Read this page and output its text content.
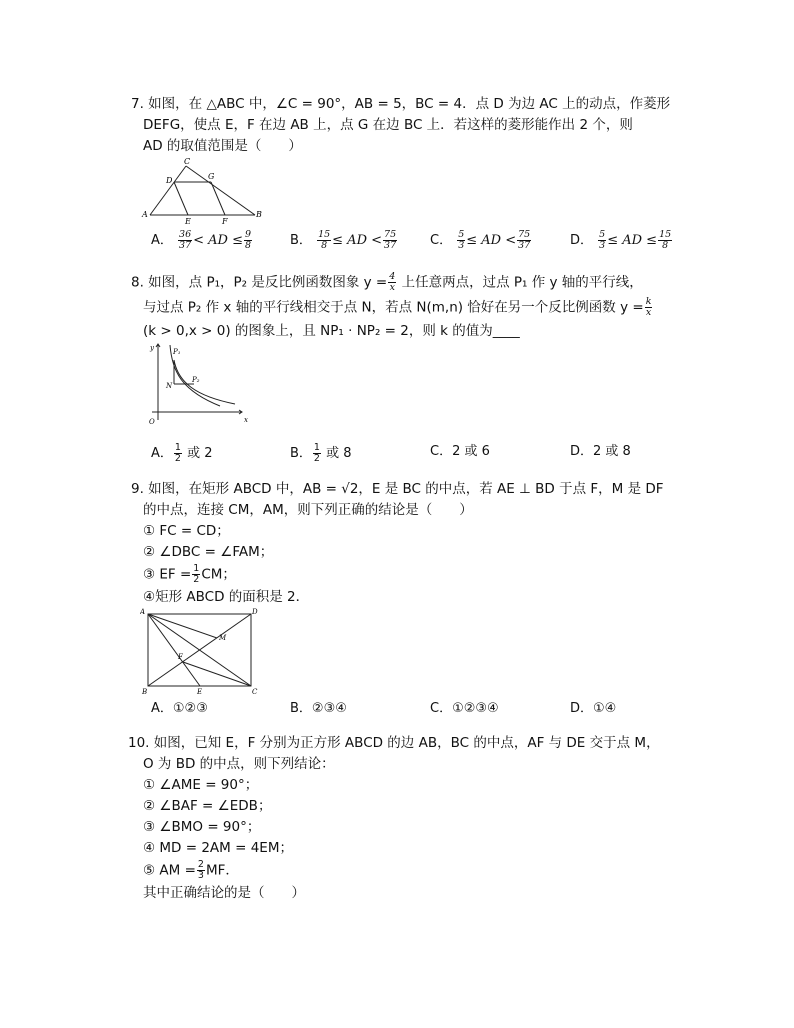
7. 如图，在 △ABC 中，∠C = 90°，AB = 5，BC = 4．点 D 为边 AC 上的动点，作菱形
DEFG，使点 E，F 在边 AB 上，点 G 在边 BC 上．若这样的菱形能作出 2 个，则
AD 的取值范围是（　　）
A	B
C
D	G
E	F
A． $\frac{36}{37}$ < AD ≤ $\frac{9}{8}$	B． $\frac{15}{8}$ ≤ AD < $\frac{75}{37}$	C． $\frac{5}{3}$ ≤ AD < $\frac{75}{37}$	D． $\frac{5}{3}$ ≤ AD ≤ $\frac{15}{8}$
8. 如图，点 P₁，P₂ 是反比例函数图象 $y = \frac{4}{x}$ 上任意两点，过点 P₁ 作 y 轴的平行线，
与过点 P₂ 作 x 轴的平行线相交于点 N，若点 N(m,n) 恰好在另一个反比例函数 $y = \frac{k}{x}$
(k > 0,x > 0) 的图象上，且 NP₁ · NP₂ = 2，则 k 的值为____
y
x
O
P₁
P₂
N
A． $\frac{1}{2}$ 或 2	B． $\frac{1}{2}$ 或 8	C．2 或 6	D．2 或 8
9. 如图，在矩形 ABCD 中，AB = √2，E 是 BC 的中点，若 AE ⊥ BD 于点 F，M 是 DF
的中点，连接 CM，AM，则下列正确的结论是（　　）
① FC = CD；
② ∠DBC = ∠FAM；
③ EF = $\frac{1}{2}$ CM；
④矩形 ABCD 的面积是 2．
A	D
B	C
E
F
M
A．①②③	B．②③④	C．①②③④	D．①④
10. 如图，已知 E，F 分别为正方形 ABCD 的边 AB，BC 的中点，AF 与 DE 交于点 M，
O 为 BD 的中点，则下列结论：
① ∠AME = 90°；
② ∠BAF = ∠EDB；
③ ∠BMO = 90°；
④ MD = 2AM = 4EM；
⑤ AM = $\frac{2}{3}$ MF．
其中正确结论的是（　　）
